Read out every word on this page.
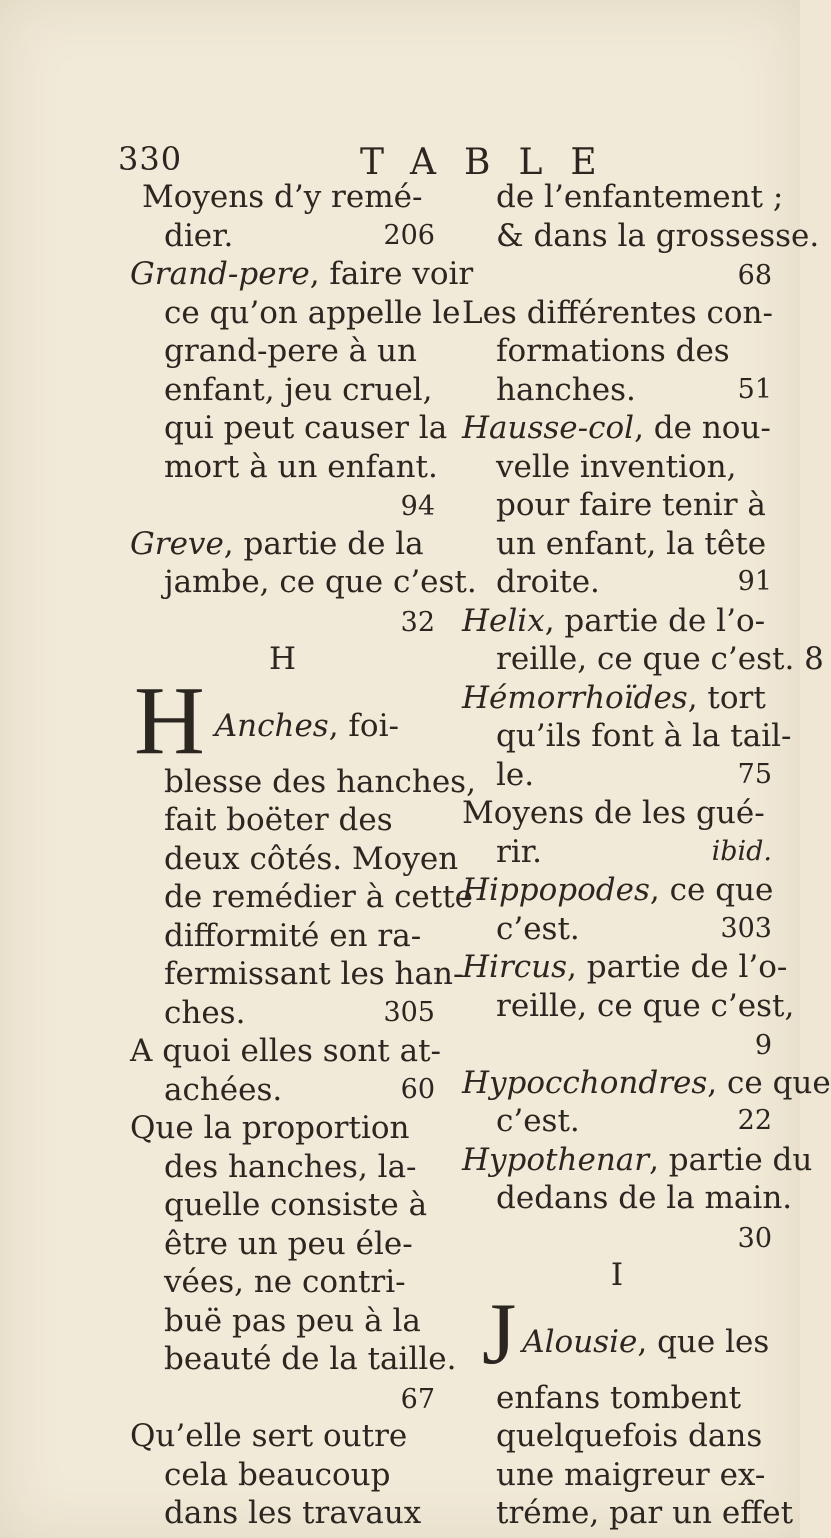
330	TABLE
Moyens d’y remé-
dier.	206
Grand-pere, faire voir
ce qu’on appelle le
grand-pere à un
enfant, jeu cruel,
qui peut causer la
mort à un enfant.
94
Greve, partie de la
jambe, ce que c’est.
32
H
H Anches, foi-
blesse des hanches,
fait boëter des
deux côtés. Moyen
de remédier à cette
difformité en ra-
fermissant les han-
ches.	305
A quoi elles sont at-
achées.	60
Que la proportion
des hanches, la-
quelle consiste à
être un peu éle-
vées, ne contri-
buë pas peu à la
beauté de la taille.
67
Qu’elle sert outre
cela beaucoup
dans les travaux
de l’enfantement ;
& dans la grossesse.
68
Les différentes con-
formations des
hanches.	51
Hausse-col, de nou-
velle invention,
pour faire tenir à
un enfant, la tête
droite.	91
Helix, partie de l’o-
reille, ce que c’est. 8
Hémorrhoïdes, tort
qu’ils font à la tail-
le.	75
Moyens de les gué-
rir.	ibid.
Hippopodes, ce que
c’est.	303
Hircus, partie de l’o-
reille, ce que c’est,
9
Hypocchondres, ce que
c’est.	22
Hypothenar, partie du
dedans de la main.
30
I
J Alousie, que les
enfans tombent
quelquefois dans
une maigreur ex-
tréme, par un effet
